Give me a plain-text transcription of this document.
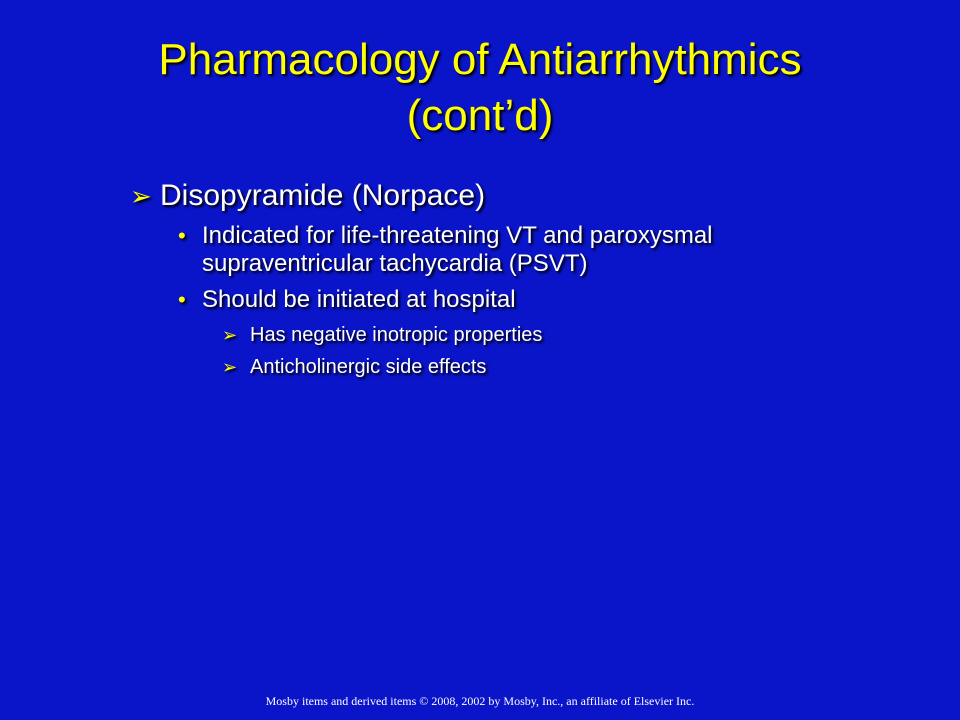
Pharmacology of Antiarrhythmics
(cont’d)
➢ Disopyramide (Norpace)
• Indicated for life-threatening VT and paroxysmal
supraventricular tachycardia (PSVT)
• Should be initiated at hospital
➢ Has negative inotropic properties
➢ Anticholinergic side effects
Mosby items and derived items © 2008, 2002 by Mosby, Inc., an affiliate of Elsevier Inc.
